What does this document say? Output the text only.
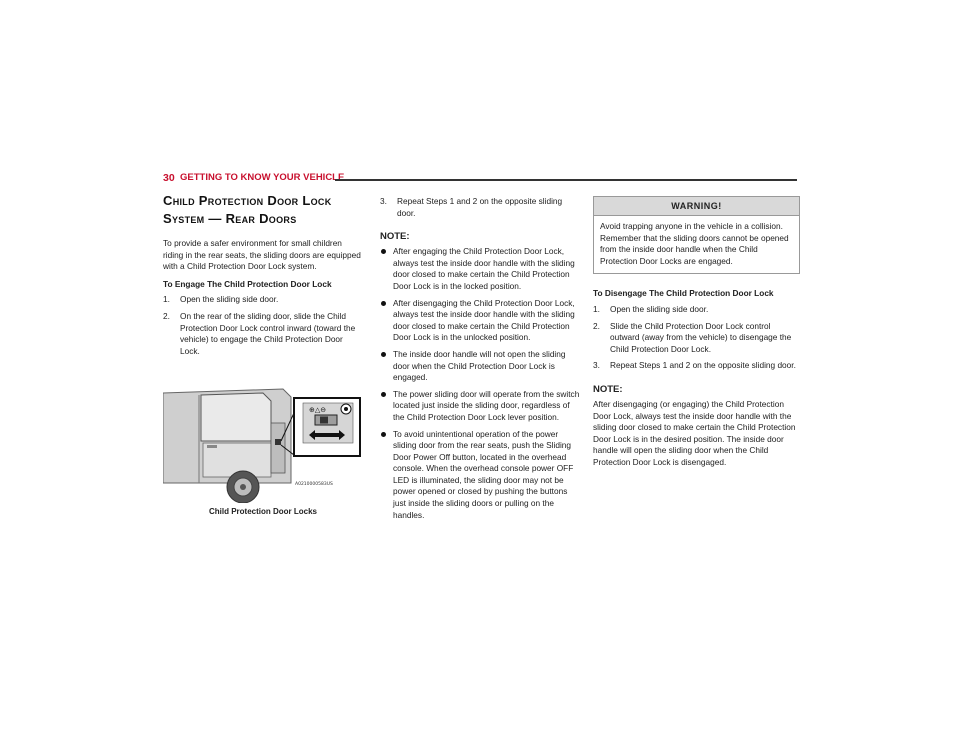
30 GETTING TO KNOW YOUR VEHICLE
Child Protection Door Lock
System — Rear Doors

To provide a safer environment for small children riding in the rear seats, the sliding doors are equipped with a Child Protection Door Lock system.

To Engage The Child Protection Door Lock
1.	Open the sliding side door.
2.	On the rear of the sliding door, slide the Child Protection Door Lock control inward (toward the vehicle) to engage the Child Protection Door Lock.
⊕△⊖
A0210000583US
Child Protection Door Locks
3.	Repeat Steps 1 and 2 on the opposite sliding door.
NOTE:
After engaging the Child Protection Door Lock, always test the inside door handle with the sliding door closed to make certain the Child Protection Door Lock is in the locked position.
After disengaging the Child Protection Door Lock, always test the inside door handle with the sliding door closed to make certain the Child Protection Door Lock is in the unlocked position.
The inside door handle will not open the sliding door when the Child Protection Door Lock is engaged.
The power sliding door will operate from the switch located just inside the sliding door, regardless of the Child Protection Door Lock lever position.
To avoid unintentional operation of the power sliding door from the rear seats, push the Sliding Door Power Off button, located in the overhead console. When the overhead console power OFF LED is illuminated, the sliding door may not be power opened or closed by pushing the buttons just inside the sliding doors or pulling on the handles.
WARNING!
Avoid trapping anyone in the vehicle in a collision. Remember that the sliding doors cannot be opened from the inside door handle when the Child Protection Door Locks are engaged.
To Disengage The Child Protection Door Lock
1.	Open the sliding side door.
2.	Slide the Child Protection Door Lock control outward (away from the vehicle) to disengage the Child Protection Door Lock.
3.	Repeat Steps 1 and 2 on the opposite sliding door.
NOTE:

After disengaging (or engaging) the Child Protection Door Lock, always test the inside door handle with the sliding door closed to make certain the Child Protection Door Lock is in the desired position. The inside door handle will open the sliding door when the Child Protection Door Lock is disengaged.
